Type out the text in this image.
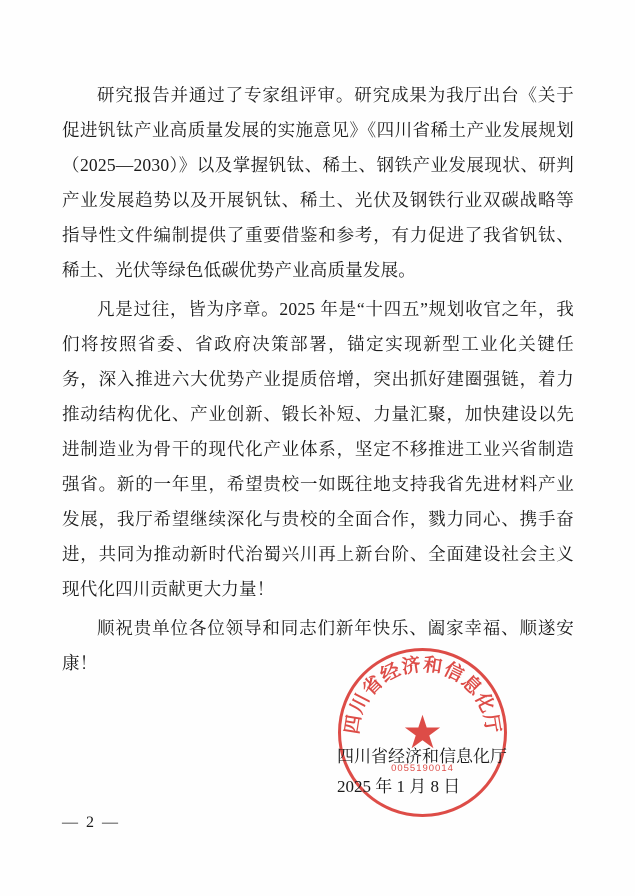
研究报告并通过了专家组评审。研究成果为我厅出台《关于促进钒钛产业高质量发展的实施意见》《四川省稀土产业发展规划（2025—2030）》以及掌握钒钛、稀土、钢铁产业发展现状、研判产业发展趋势以及开展钒钛、稀土、光伏及钢铁行业双碳战略等指导性文件编制提供了重要借鉴和参考，有力促进了我省钒钛、稀土、光伏等绿色低碳优势产业高质量发展。

凡是过往，皆为序章。2025 年是“十四五”规划收官之年，我们将按照省委、省政府决策部署，锚定实现新型工业化关键任务，深入推进六大优势产业提质倍增，突出抓好建圈强链，着力推动结构优化、产业创新、锻长补短、力量汇聚，加快建设以先进制造业为骨干的现代化产业体系，坚定不移推进工业兴省制造强省。新的一年里，希望贵校一如既往地支持我省先进材料产业发展，我厅希望继续深化与贵校的全面合作，戮力同心、携手奋进，共同为推动新时代治蜀兴川再上新台阶、全面建设社会主义现代化四川贡献更大力量！

顺祝贵单位各位领导和同志们新年快乐、阖家幸福、顺遂安康！

四川省经济和信息化厅
★
0055190014
四川省经济和信息化厅
2025 年 1 月 8 日
— 2 —
